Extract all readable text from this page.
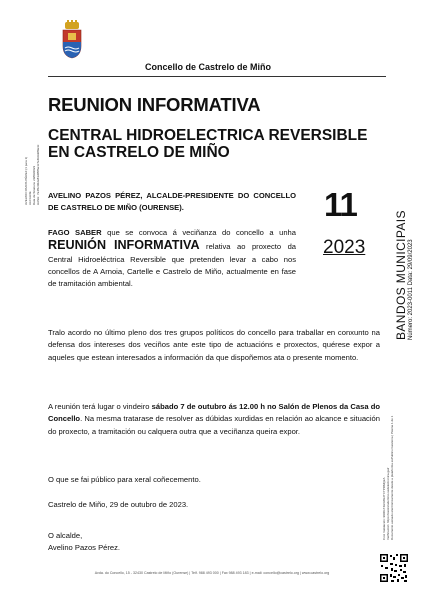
Concello de Castrelo de Miño
REUNION INFORMATIVA
CENTRAL HIDROELECTRICA REVERSIBLE EN CASTRELO DE MIÑO
11
2023 BANDOS MUNICIPAIS Número: 2023-0011 Data: 29/09/2023
AVELINO PAZOS PÉREZ (1 para 1) ALCALDE Data de Sinatura: 29/09/2023 HASH: 7a4f1c9b2e83d05f6a1c7e4b9d2f0a3c
Cód. Validación: 9KRGT4H6W3JTXYPRMQ2A Verificación: https://castrelodemino.sedelectronica.gal/ Documento asinado electrónicamente desde a plataforma esPublico Gestiona | Páxina 1 de 1
AVELINO PAZOS PÉREZ, ALCALDE-PRESIDENTE DO CONCELLO DE CASTRELO DE MIÑO (OURENSE).
FAGO SABER que se convoca á veciñanza do concello a unha REUNIÓN INFORMATIVA relativa ao proxecto da Central Hidroeléctrica Reversible que pretenden levar a cabo nos concellos de A Arnoia, Cartelle e Castrelo de Miño, actualmente en fase de tramitación ambiental.
Tralo acordo no último pleno dos tres grupos políticos do concello para traballar en conxunto na defensa dos intereses dos veciños ante este tipo de actuacións e proxectos, quérese expor a aqueles que estean interesados a información da que dispoñemos ata o presente momento.
A reunión terá lugar o vindeiro sábado 7 de outubro ás 12.00 h no Salón de Plenos da Casa do Concello. Na mesma tratarase de resolver as dúbidas xurdidas en relación ao alcance e situación do proxecto, a tramitación ou calquera outra que a veciñanza queira expor.
O que se fai público para xeral coñecemento.
Castrelo de Miño, 29 de outubro de 2023.
O alcalde,
Avelino Pazos Pérez.
Avda. do Concello, 15 - 32430 Castrelo de Miño (Ourense) | Telf. 988 493 000 | Fax 988 493 183 | e-mail: concello@castrelo.org | www.castrelo.org
